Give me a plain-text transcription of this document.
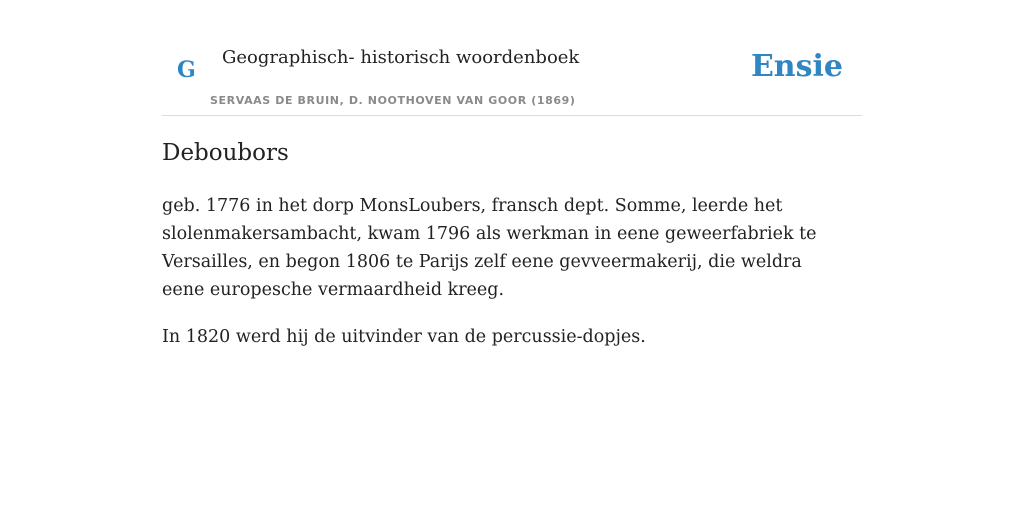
G Geographisch- historisch woordenboek
SERVAAS DE BRUIN, D. NOOTHOVEN VAN GOOR (1869)
Ensie
Deboubors

geb. 1776 in het dorp MonsLoubers, fransch dept. Somme, leerde het slolenmakersambacht, kwam 1796 als werkman in eene geweerfabriek te Versailles, en begon 1806 te Parijs zelf eene gevveermakerij, die weldra eene europesche vermaardheid kreeg.

In 1820 werd hij de uitvinder van de percussie-dopjes.
